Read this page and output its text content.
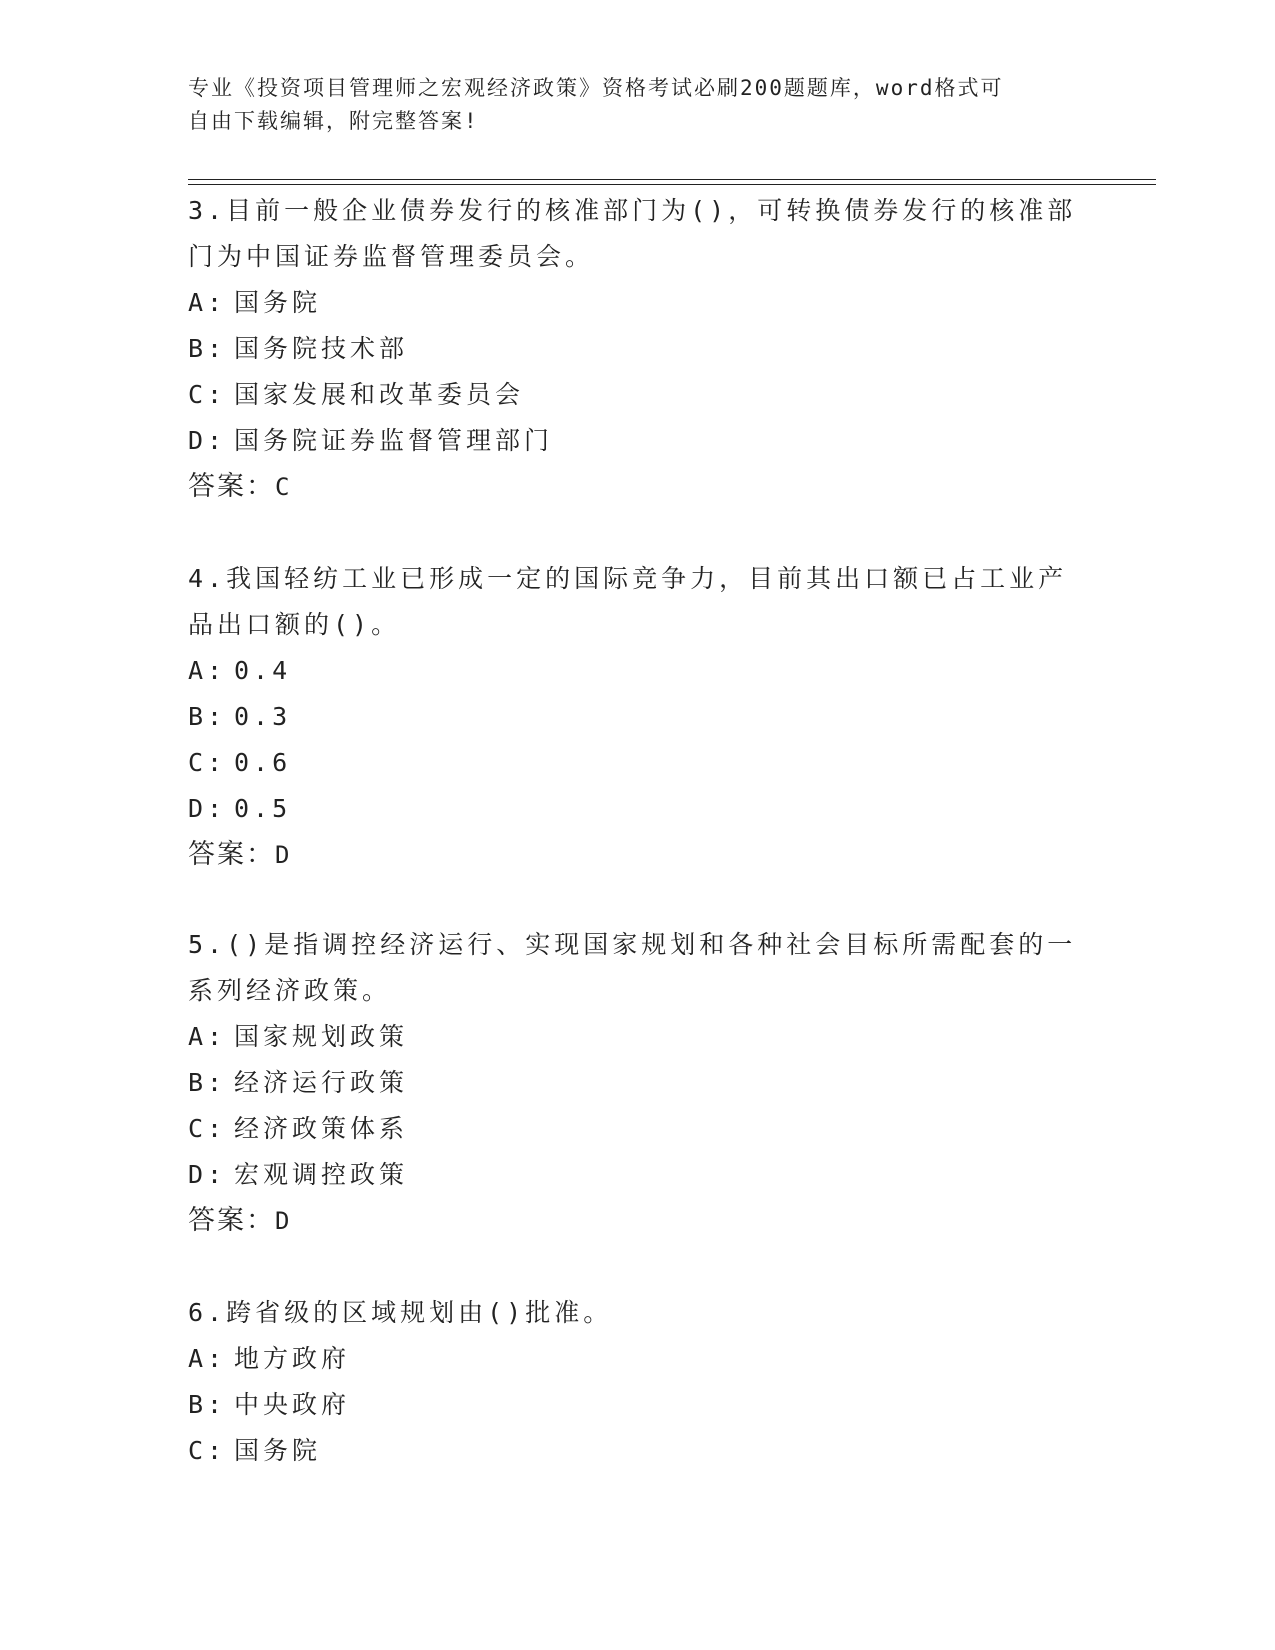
专业《投资项目管理师之宏观经济政策》资格考试必刷200题题库，word格式可
自由下载编辑，附完整答案!

3.目前一般企业债券发行的核准部门为()，可转换债券发行的核准部

门为中国证券监督管理委员会。

A: 国务院

B: 国务院技术部

C: 国家发展和改革委员会

D: 国务院证券监督管理部门

答案：C

4.我国轻纺工业已形成一定的国际竞争力，目前其出口额已占工业产

品出口额的()。

A: 0.4

B: 0.3

C: 0.6

D: 0.5

答案：D

5.()是指调控经济运行、实现国家规划和各种社会目标所需配套的一

系列经济政策。

A: 国家规划政策

B: 经济运行政策

C: 经济政策体系

D: 宏观调控政策

答案：D

6.跨省级的区域规划由()批准。

A: 地方政府

B: 中央政府

C: 国务院
